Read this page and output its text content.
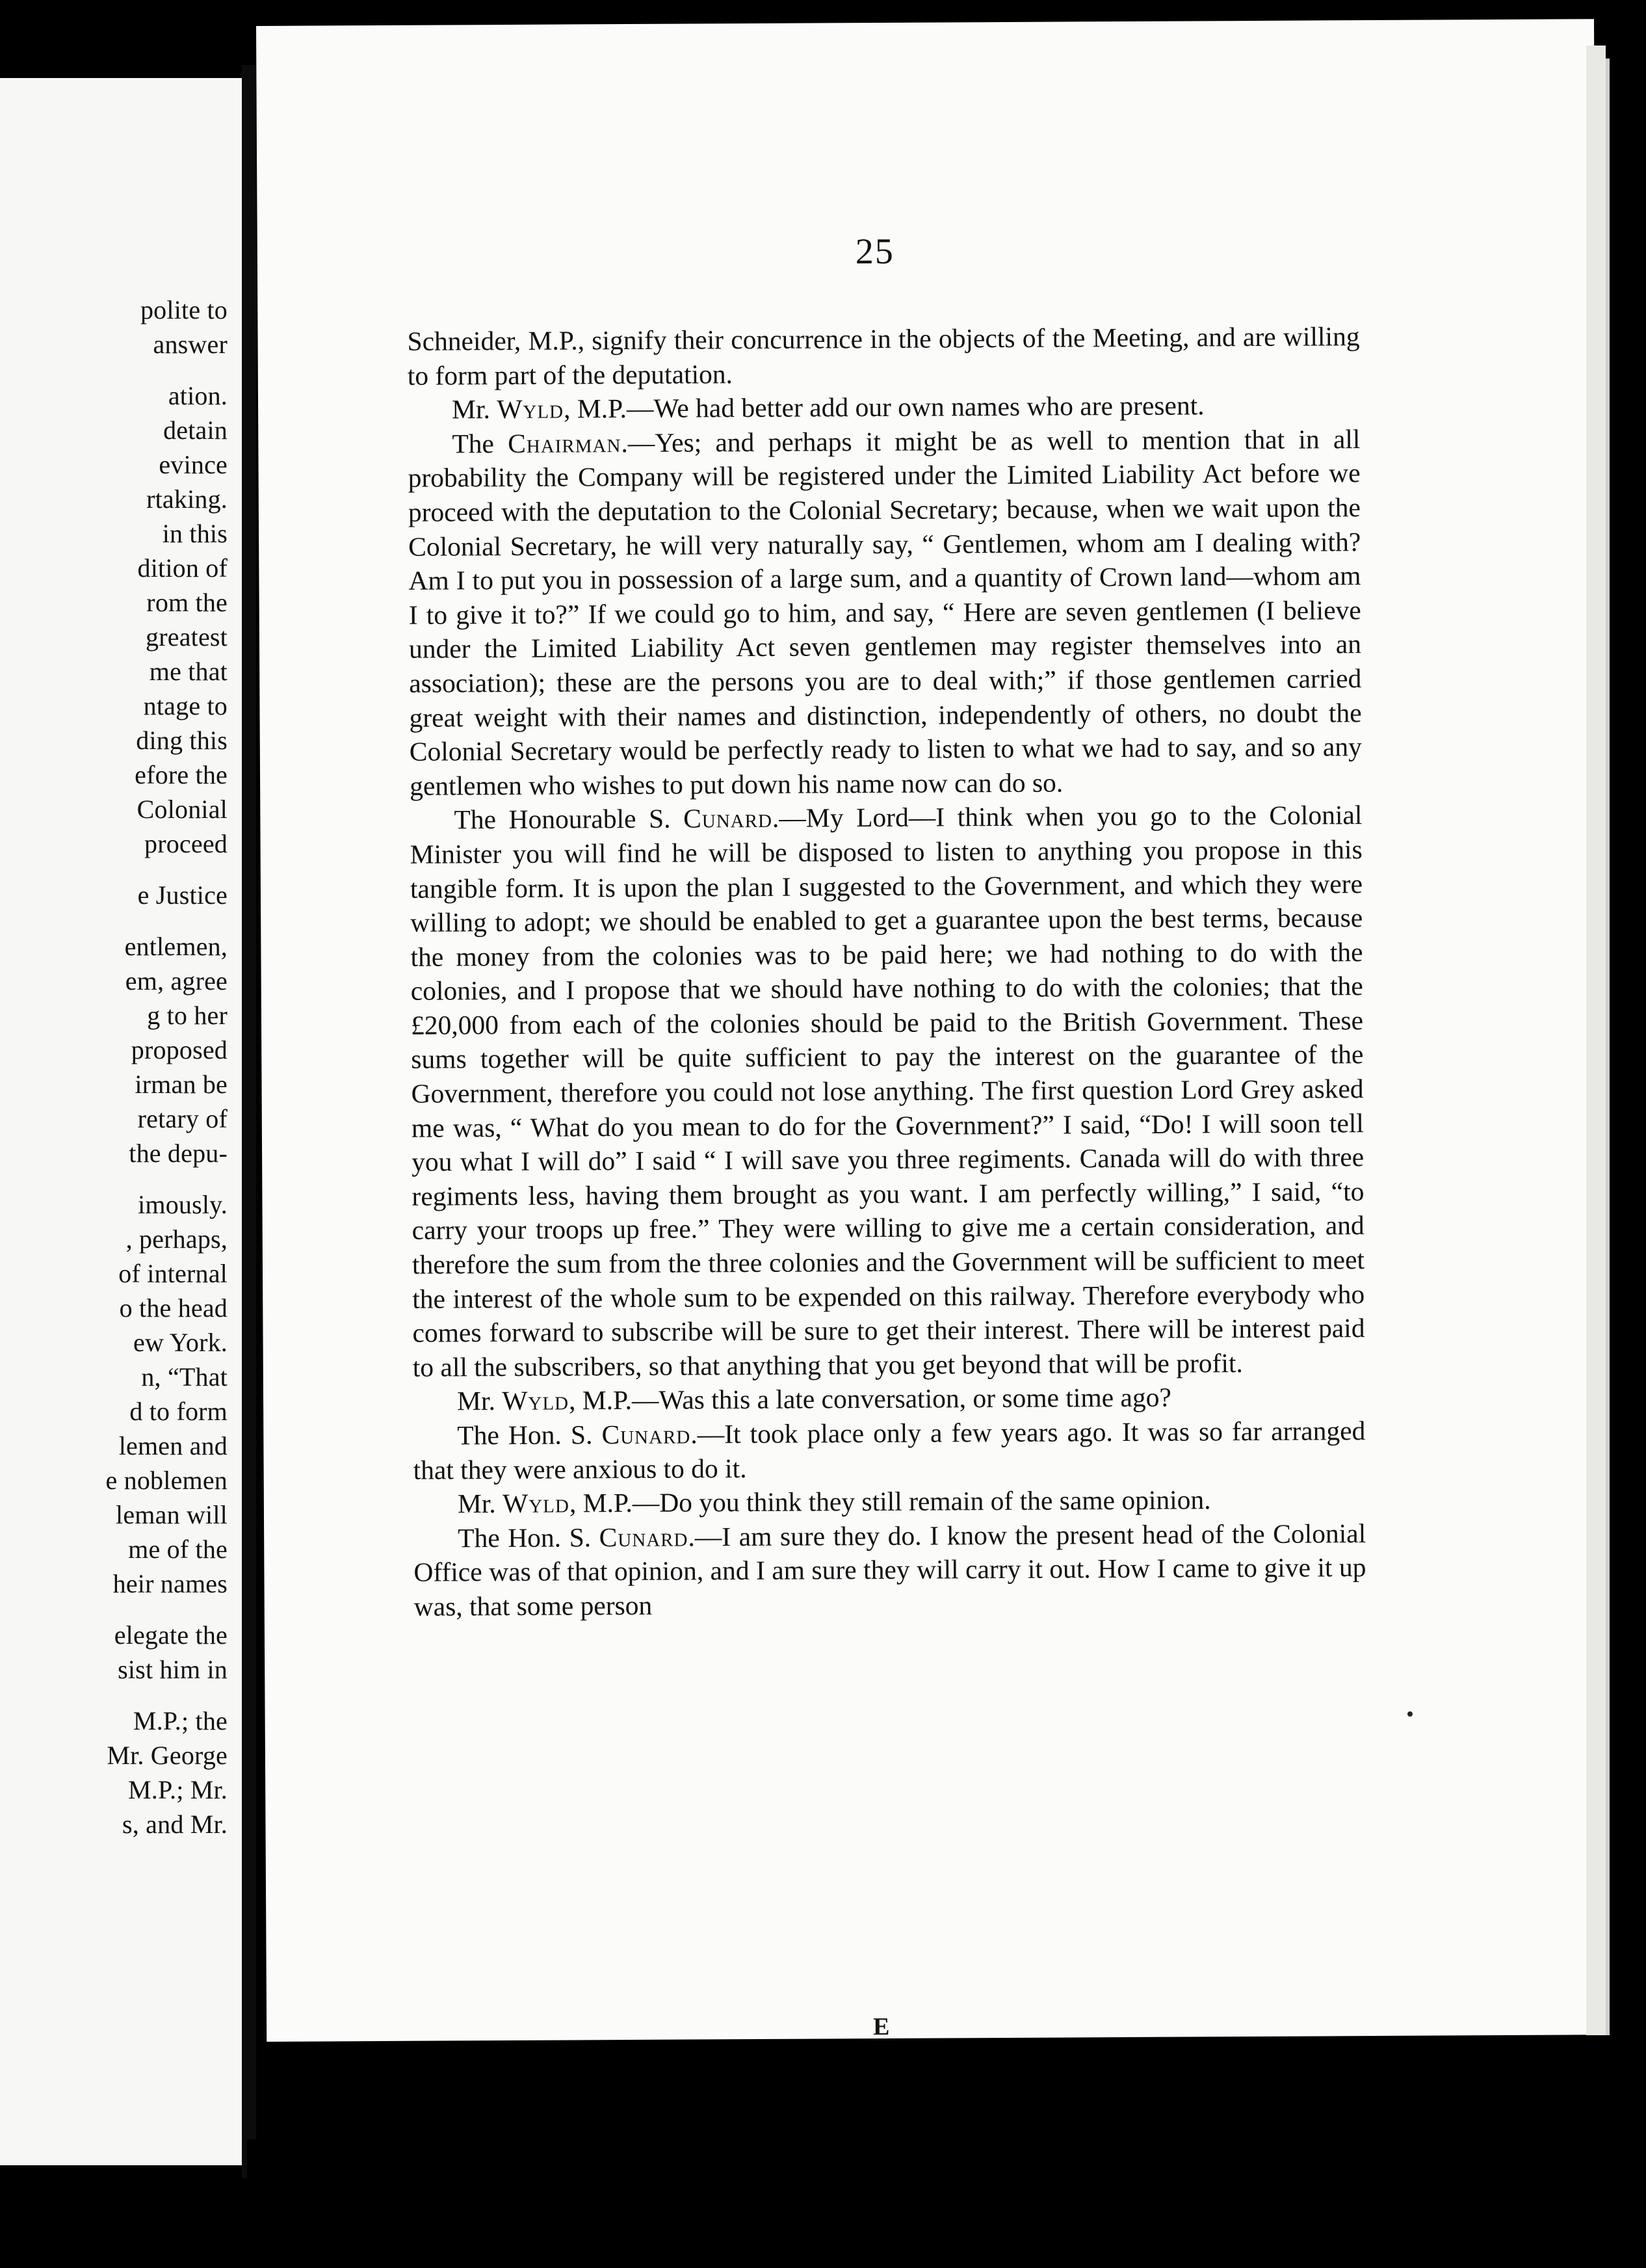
polite to
answer
ation.
detain
evince
rtaking.
in this
dition of
rom the
greatest
me that
ntage to
ding this
efore the
Colonial
proceed
e Justice
entlemen,
em, agree
g to her
proposed
irman be
retary of
the depu-
imously.
, perhaps,
of internal
o the head
ew York.
n, “That
d to form
lemen and
e noblemen
leman will
me of the
heir names
elegate the
sist him in
M.P.; the
Mr. George
M.P.; Mr.
s, and Mr.
25

Schneider, M.P., signify their concurrence in the objects of the Meeting, and are willing to form part of the deputation.

Mr. Wyld, M.P.—We had better add our own names who are present.

The Chairman.—Yes; and perhaps it might be as well to mention that in all probability the Company will be registered under the Limited Liability Act before we proceed with the deputation to the Colonial Secretary; because, when we wait upon the Colonial Secretary, he will very naturally say, “ Gentlemen, whom am I dealing with? Am I to put you in possession of a large sum, and a quantity of Crown land—whom am I to give it to?” If we could go to him, and say, “ Here are seven gentlemen (I believe under the Limited Liability Act seven gentlemen may register themselves into an association); these are the persons you are to deal with;” if those gentlemen carried great weight with their names and distinction, independently of others, no doubt the Colonial Secretary would be perfectly ready to listen to what we had to say, and so any gentlemen who wishes to put down his name now can do so.

The Honourable S. Cunard.—My Lord—I think when you go to the Colonial Minister you will find he will be disposed to listen to anything you propose in this tangible form. It is upon the plan I suggested to the Government, and which they were willing to adopt; we should be enabled to get a guarantee upon the best terms, because the money from the colonies was to be paid here; we had nothing to do with the colonies, and I propose that we should have nothing to do with the colonies; that the £20,000 from each of the colonies should be paid to the British Government. These sums together will be quite sufficient to pay the interest on the guarantee of the Government, therefore you could not lose anything. The first question Lord Grey asked me was, “ What do you mean to do for the Government?” I said, “Do! I will soon tell you what I will do” I said “ I will save you three regiments. Canada will do with three regiments less, having them brought as you want. I am perfectly willing,” I said, “to carry your troops up free.” They were willing to give me a certain consideration, and therefore the sum from the three colonies and the Government will be sufficient to meet the interest of the whole sum to be expended on this railway. Therefore everybody who comes forward to subscribe will be sure to get their interest. There will be interest paid to all the subscribers, so that anything that you get beyond that will be profit.

Mr. Wyld, M.P.—Was this a late conversation, or some time ago?

The Hon. S. Cunard.—It took place only a few years ago. It was so far arranged that they were anxious to do it.

Mr. Wyld, M.P.—Do you think they still remain of the same opinion.

The Hon. S. Cunard.—I am sure they do. I know the present head of the Colonial Office was of that opinion, and I am sure they will carry it out. How I came to give it up was, that some person

E
